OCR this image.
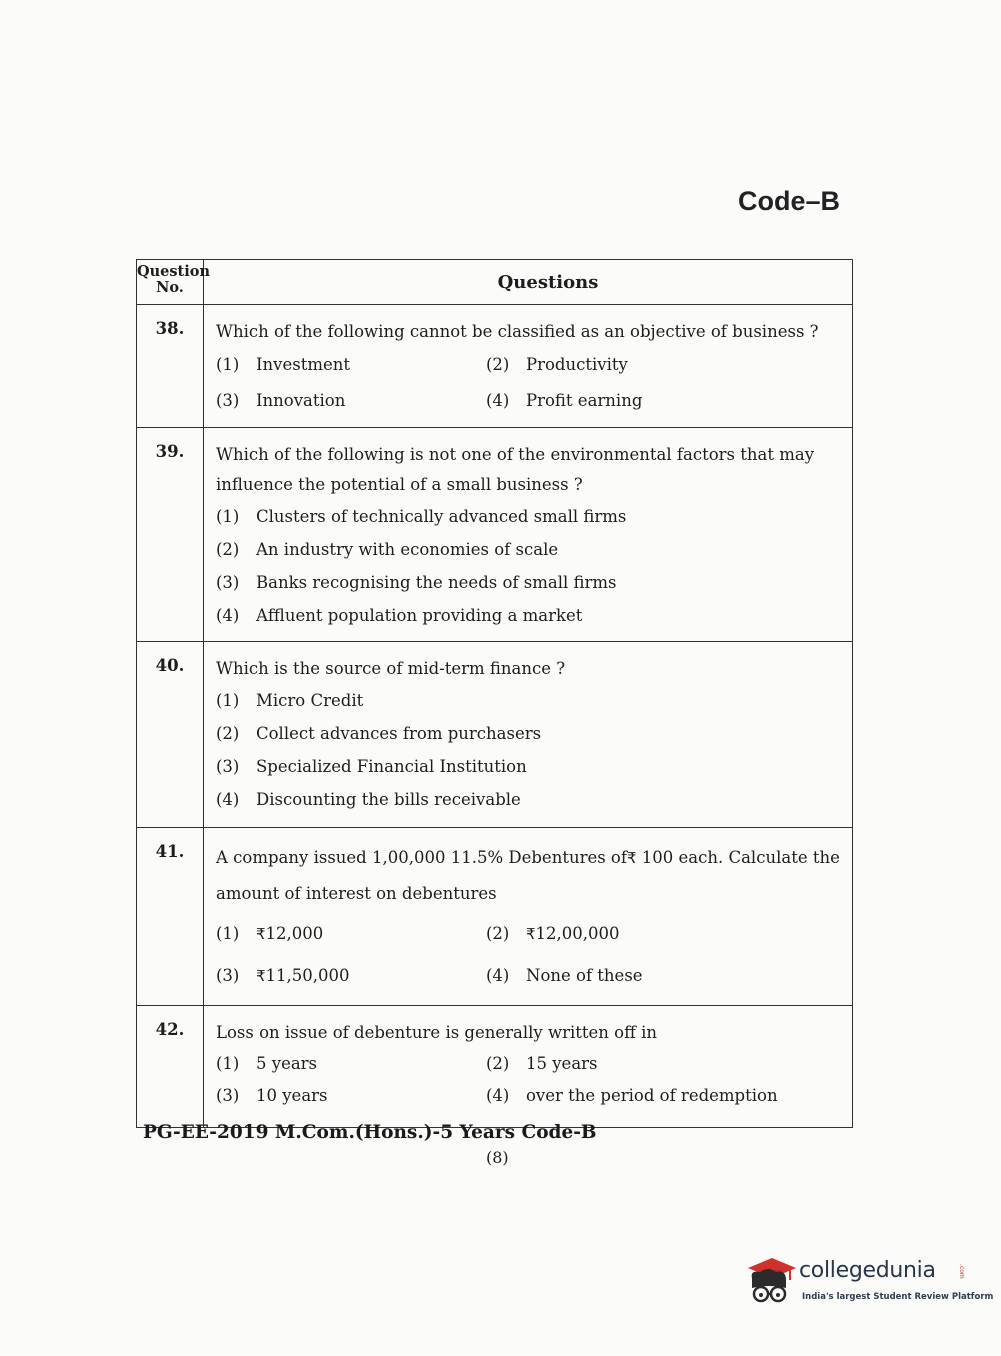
Code–B
Question
No.	Questions
38.	Which of the following cannot be classified as an objective of business ?
(1) Investment (2) Productivity
(3) Innovation (4) Profit earning

39.	Which of the following is not one of the environmental factors that may influence the potential of a small business ?
(1) Clusters of technically advanced small firms
(2) An industry with economies of scale
(3) Banks recognising the needs of small firms
(4) Affluent population providing a market

40.	Which is the source of mid-term finance ?
(1) Micro Credit
(2) Collect advances from purchasers
(3) Specialized Financial Institution
(4) Discounting the bills receivable

41.	A company issued 1,00,000 11.5% Debentures of₹ 100 each. Calculate the amount of interest on debentures
(1) ₹12,000 (2) ₹12,00,000
(3) ₹11,50,000 (4) None of these

42.	Loss on issue of debenture is generally written off in
(1) 5 years (2) 15 years
(3) 10 years (4) over the period of redemption
PG-EE-2019 M.Com.(Hons.)-5 Years Code-B
(8)
collegedunia	.com
India's largest Student Review Platform
